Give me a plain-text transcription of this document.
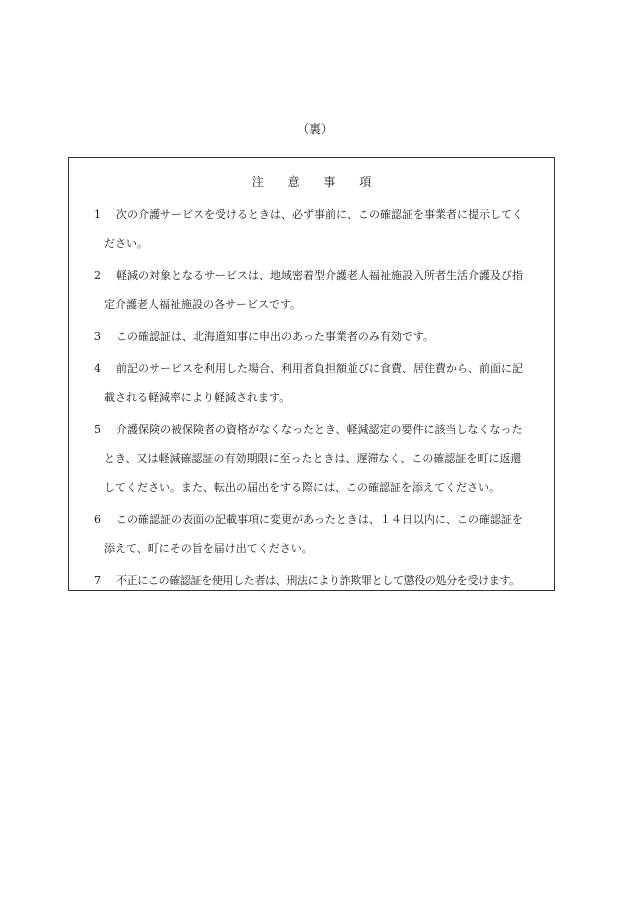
（裏）
注 意 事 項
1	次の介護サービスを受けるときは、必ず事前に、この確認証を事業者に提示してく
ださい。
2	軽減の対象となるサービスは、地域密着型介護老人福祉施設入所者生活介護及び指
定介護老人福祉施設の各サービスです。
3	この確認証は、北海道知事に申出のあった事業者のみ有効です。
4	前記のサービスを利用した場合、利用者負担額並びに食費、居住費から、前面に記
載される軽減率により軽減されます。
5	介護保険の被保険者の資格がなくなったとき、軽減認定の要件に該当しなくなった
とき、又は軽減確認証の有効期限に至ったときは、遅滞なく、この確認証を町に返還
してください。また、転出の届出をする際には、この確認証を添えてください。
6	この確認証の表面の記載事項に変更があったときは、１４日以内に、この確認証を
添えて、町にその旨を届け出てください。
7	不正にこの確認証を使用した者は、刑法により詐欺罪として懲役の処分を受けます。
